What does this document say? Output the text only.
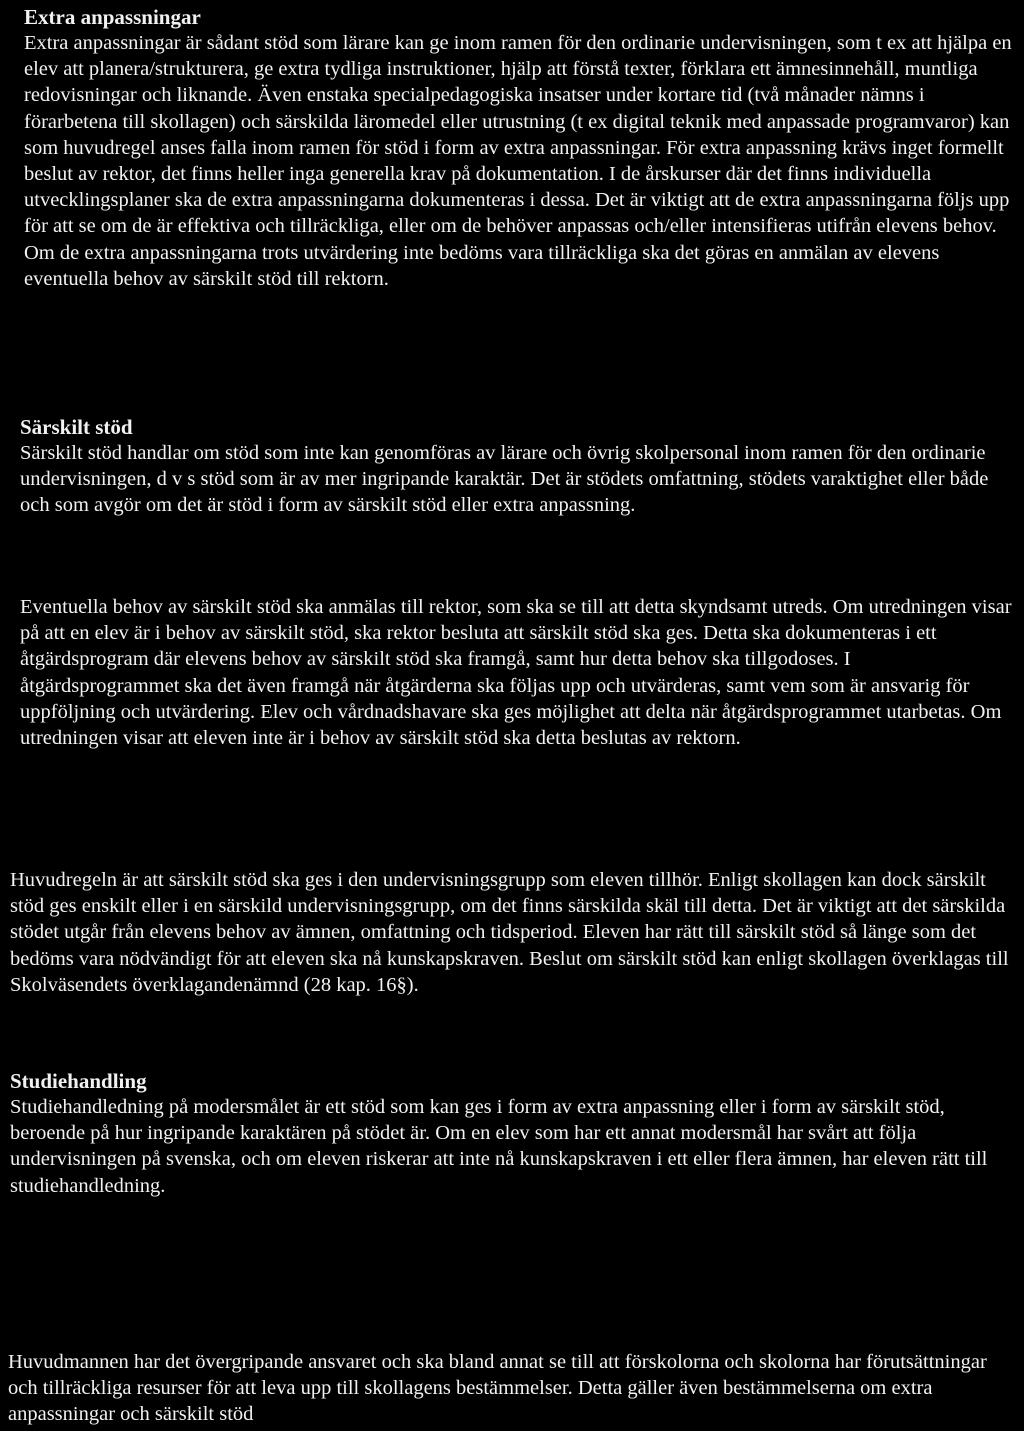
Extra anpassningar

Extra anpassningar är sådant stöd som lärare kan ge inom ramen för den ordinarie undervisningen, som t ex att hjälpa en elev att planera/strukturera, ge extra tydliga instruktioner, hjälp att förstå texter, förklara ett ämnesinnehåll, muntliga redovisningar och liknande. Även enstaka specialpedagogiska insatser under kortare tid (två månader nämns i förarbetena till skollagen) och särskilda läromedel eller utrustning (t ex digital teknik med anpassade programvaror) kan som huvudregel anses falla inom ramen för stöd i form av extra anpassningar. För extra anpassning krävs inget formellt beslut av rektor, det finns heller inga generella krav på dokumentation. I de årskurser där det finns individuella utvecklingsplaner ska de extra anpassningarna dokumenteras i dessa. Det är viktigt att de extra anpassningarna följs upp för att se om de är effektiva och tillräckliga, eller om de behöver anpassas och/eller intensifieras utifrån elevens behov. Om de extra anpassningarna trots utvärdering inte bedöms vara tillräckliga ska det göras en anmälan av elevens eventuella behov av särskilt stöd till rektorn.

Särskilt stöd

Särskilt stöd handlar om stöd som inte kan genomföras av lärare och övrig skolpersonal inom ramen för den ordinarie undervisningen, d v s stöd som är av mer ingripande karaktär. Det är stödets omfattning, stödets varaktighet eller både och som avgör om det är stöd i form av särskilt stöd eller extra anpassning.

Eventuella behov av särskilt stöd ska anmälas till rektor, som ska se till att detta skyndsamt utreds. Om utredningen visar på att en elev är i behov av särskilt stöd, ska rektor besluta att särskilt stöd ska ges. Detta ska dokumenteras i ett åtgärdsprogram där elevens behov av särskilt stöd ska framgå, samt hur detta behov ska tillgodoses. I åtgärdsprogrammet ska det även framgå när åtgärderna ska följas upp och utvärderas, samt vem som är ansvarig för uppföljning och utvärdering. Elev och vårdnadshavare ska ges möjlighet att delta när åtgärdsprogrammet utarbetas. Om utredningen visar att eleven inte är i behov av särskilt stöd ska detta beslutas av rektorn.

Huvudregeln är att särskilt stöd ska ges i den undervisningsgrupp som eleven tillhör. Enligt skollagen kan dock särskilt stöd ges enskilt eller i en särskild undervisningsgrupp, om det finns särskilda skäl till detta. Det är viktigt att det särskilda stödet utgår från elevens behov av ämnen, omfattning och tidsperiod. Eleven har rätt till särskilt stöd så länge som det bedöms vara nödvändigt för att eleven ska nå kunskapskraven. Beslut om särskilt stöd kan enligt skollagen överklagas till Skolväsendets överklagandenämnd (28 kap. 16§).

Studiehandling

Studiehandledning på modersmålet är ett stöd som kan ges i form av extra anpassning eller i form av särskilt stöd, beroende på hur ingripande karaktären på stödet är. Om en elev som har ett annat modersmål har svårt att följa undervisningen på svenska, och om eleven riskerar att inte nå kunskapskraven i ett eller flera ämnen, har eleven rätt till studiehandledning.

Huvudmannen har det övergripande ansvaret och ska bland annat se till att förskolorna och skolorna har förutsättningar och tillräckliga resurser för att leva upp till skollagens bestämmelser. Detta gäller även bestämmelserna om extra anpassningar och särskilt stöd
